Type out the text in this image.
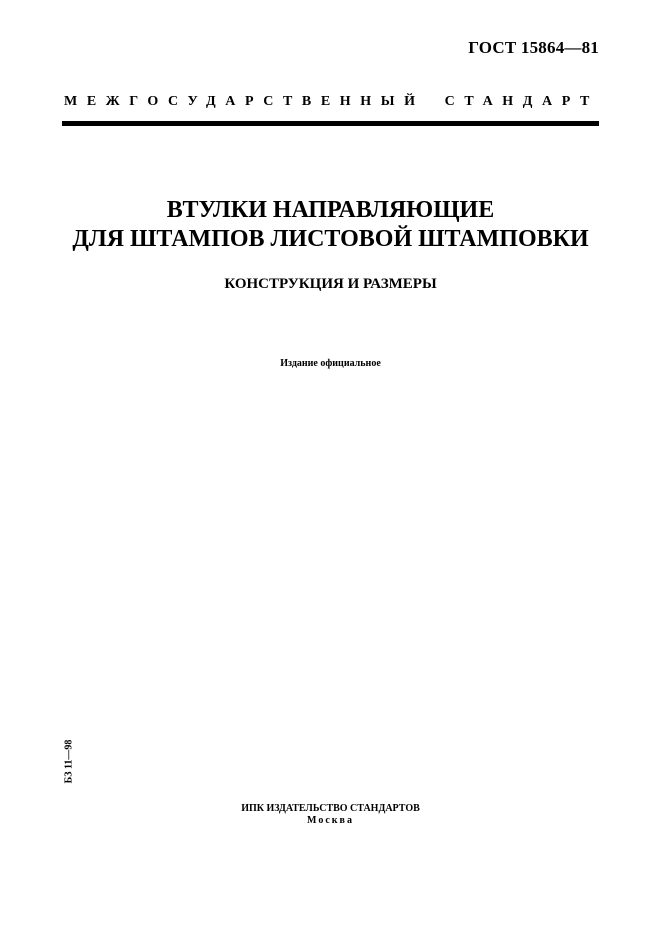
ГОСТ 15864—81
МЕЖГОСУДАРСТВЕННЫЙ СТАНДАРТ
ВТУЛКИ НАПРАВЛЯЮЩИЕ
ДЛЯ ШТАМПОВ ЛИСТОВОЙ ШТАМПОВКИ
КОНСТРУКЦИЯ И РАЗМЕРЫ
Издание официальное
БЗ 11—98
ИПК ИЗДАТЕЛЬСТВО СТАНДАРТОВ
Москва
